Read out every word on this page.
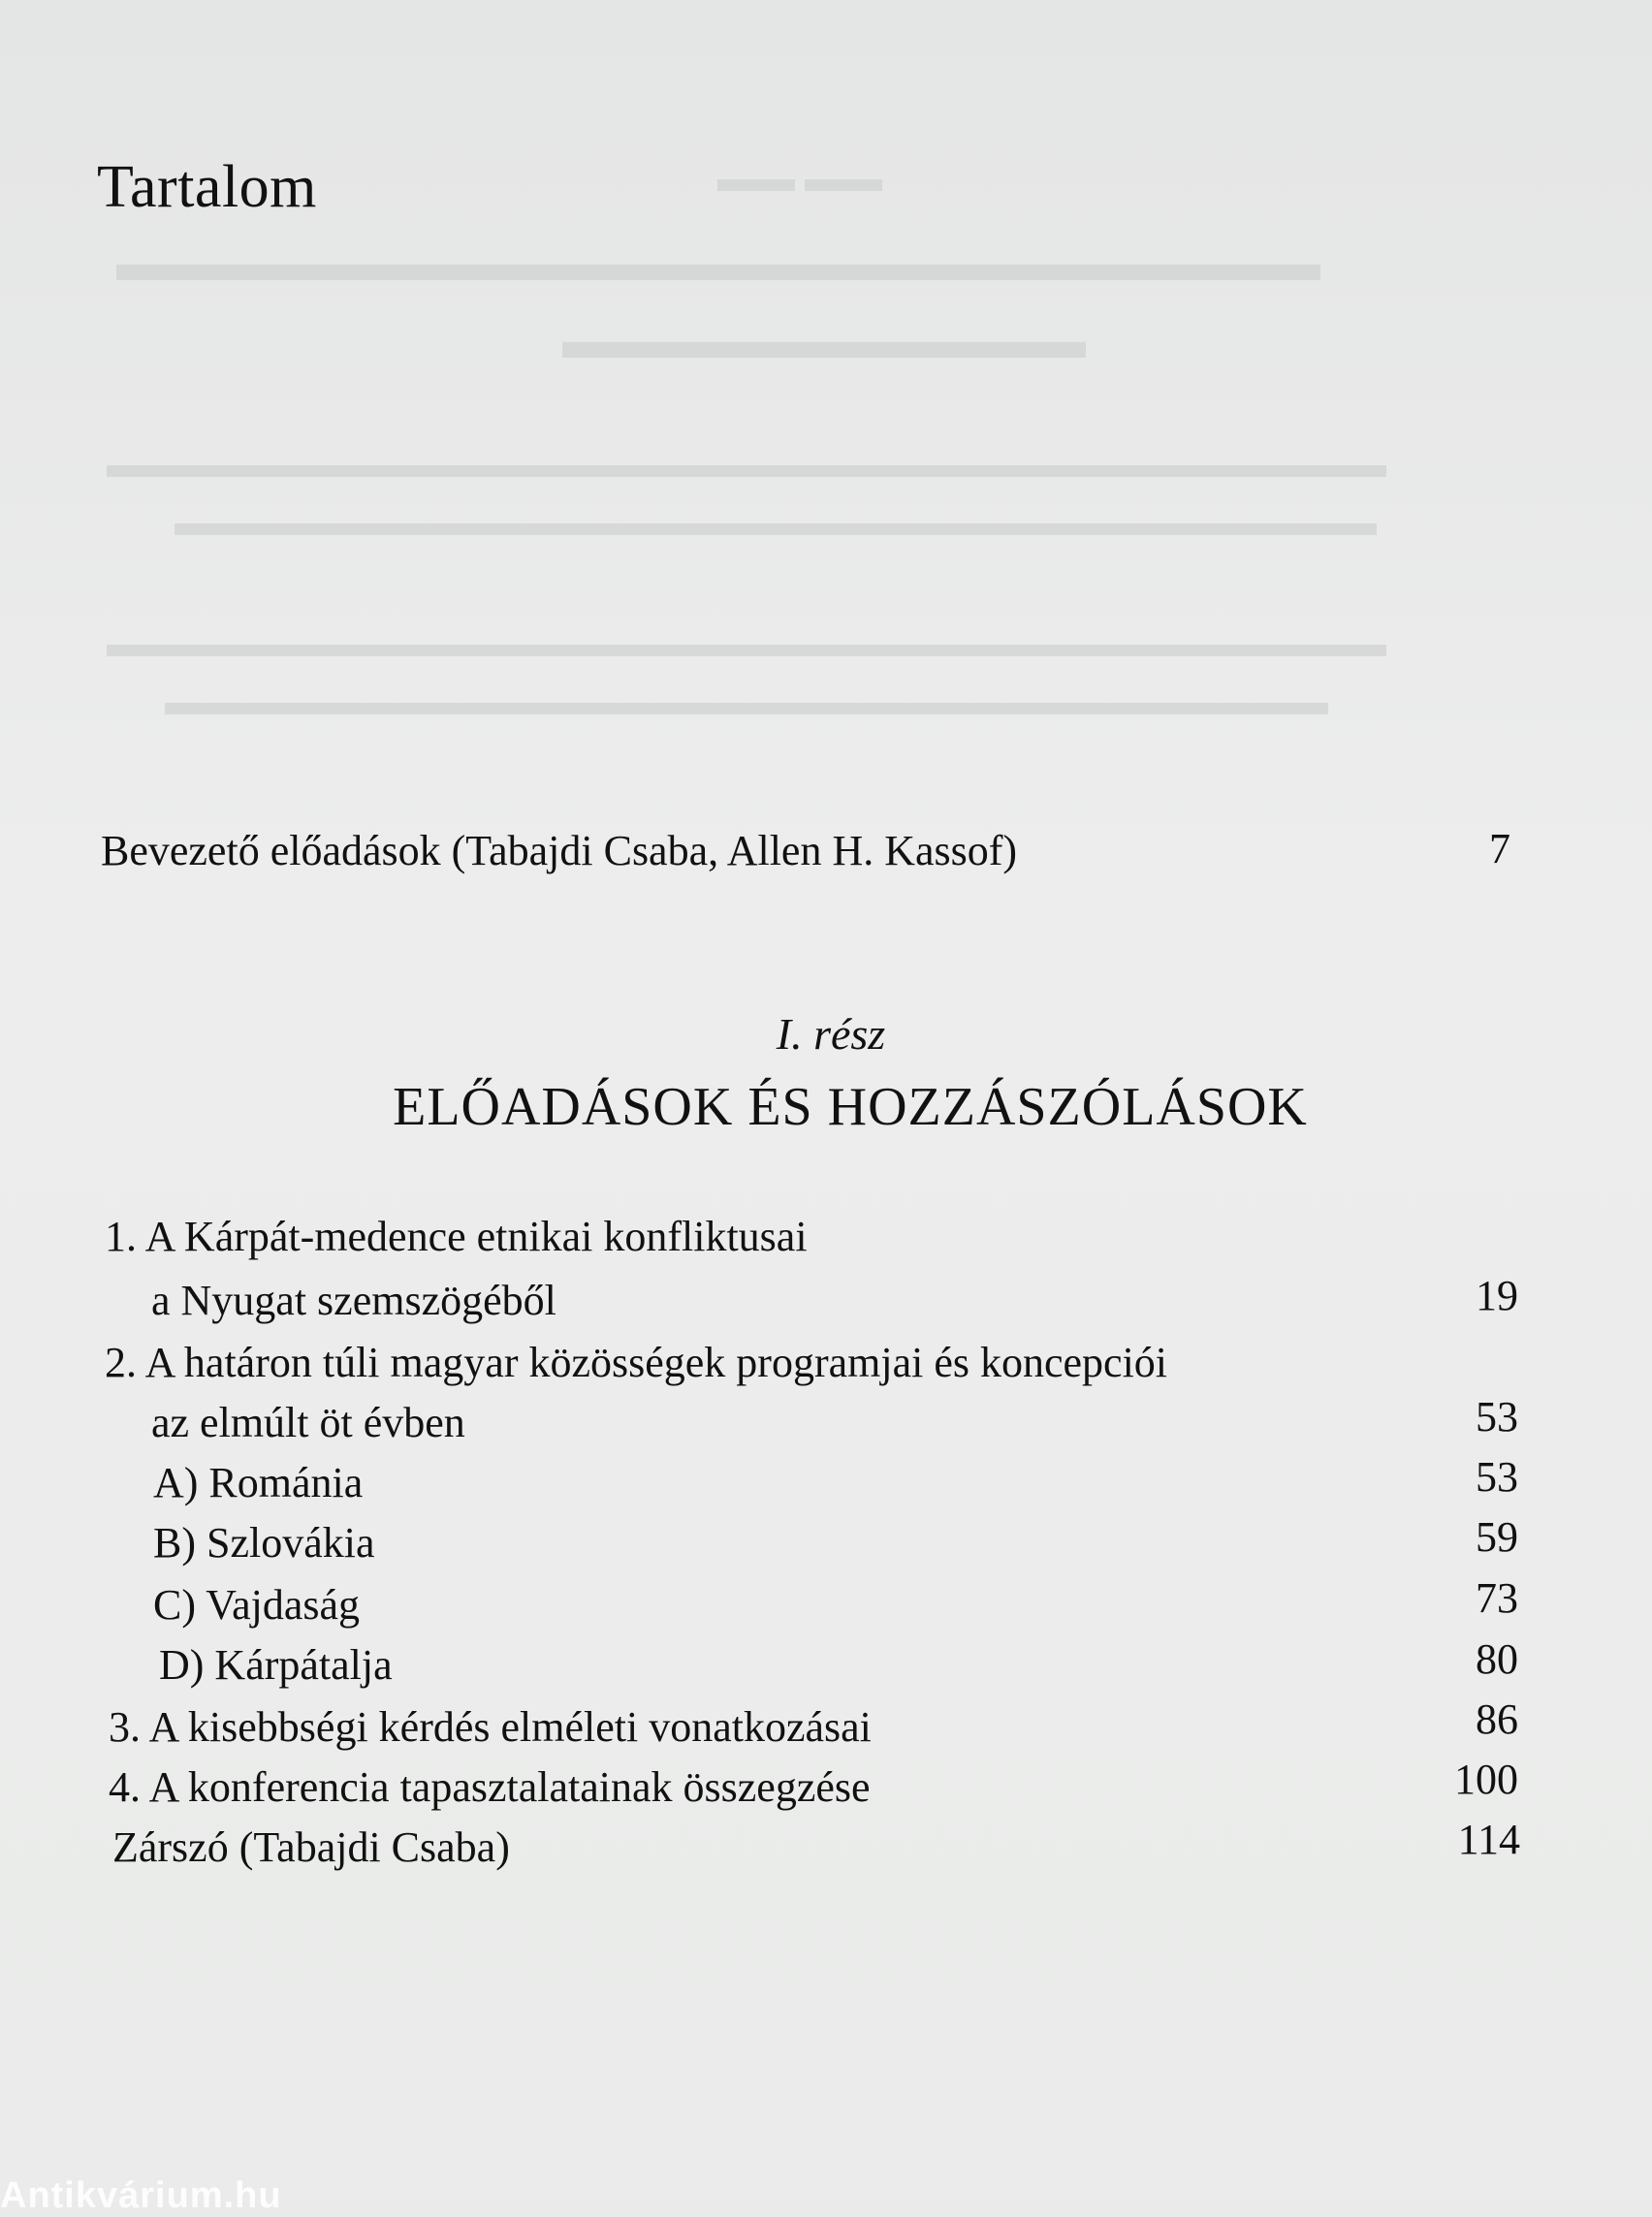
▬▬ ▬▬
▬▬▬▬▬▬▬▬▬▬▬▬▬▬▬▬▬▬▬▬▬▬▬
▬▬▬▬▬▬▬▬▬▬
▬▬▬▬▬▬▬▬▬▬▬▬▬▬▬▬▬▬▬▬▬▬▬▬▬▬▬▬▬▬▬▬▬
▬▬▬▬▬▬▬▬▬▬▬▬▬▬▬▬▬▬▬▬▬▬▬▬▬▬▬▬▬▬▬
▬▬▬▬▬▬▬▬▬▬▬▬▬▬▬▬▬▬▬▬▬▬▬▬▬▬▬▬▬▬▬▬▬
▬▬▬▬▬▬▬▬▬▬▬▬▬▬▬▬▬▬▬▬▬▬▬▬▬▬▬▬▬▬
Tartalom
Bevezető előadások (Tabajdi Csaba, Allen H. Kassof)	7
I. rész
ELŐADÁSOK ÉS HOZZÁSZÓLÁSOK
1. A Kárpát-medence etnikai konfliktusai
a Nyugat szemszögéből	19
2. A határon túli magyar közösségek programjai és koncepciói
az elmúlt öt évben	53
A) Románia	53
B) Szlovákia	59
C) Vajdaság	73
D) Kárpátalja	80
3. A kisebbségi kérdés elméleti vonatkozásai	86
4. A konferencia tapasztalatainak összegzése	100
Zárszó (Tabajdi Csaba)	114
Antikvárium.hu
